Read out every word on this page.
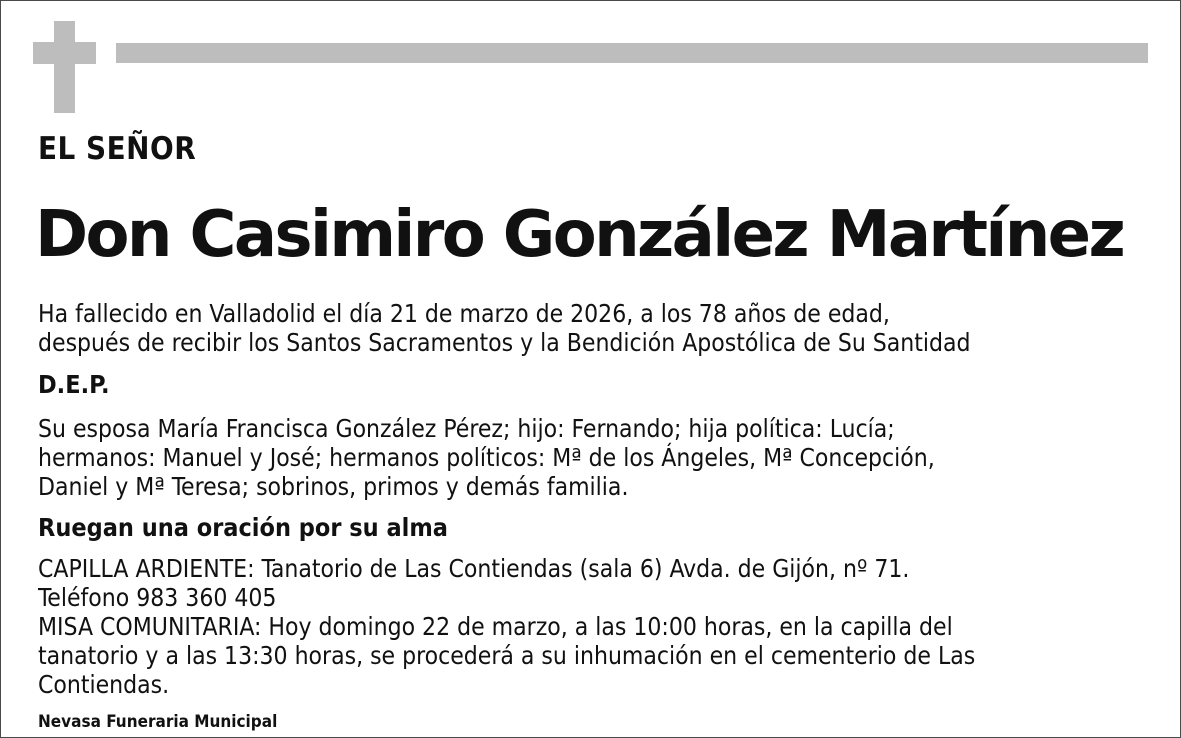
EL SEÑOR
Don Casimiro González Martínez

Ha fallecido en Valladolid el día 21 de marzo de 2026, a los 78 años de edad,
después de recibir los Santos Sacramentos y la Bendición Apostólica de Su Santidad

D.E.P.

Su esposa María Francisca González Pérez; hijo: Fernando; hija política: Lucía;
hermanos: Manuel y José; hermanos políticos: Mª de los Ángeles, Mª Concepción,
Daniel y Mª Teresa; sobrinos, primos y demás familia.

Ruegan una oración por su alma

CAPILLA ARDIENTE: Tanatorio de Las Contiendas (sala 6) Avda. de Gijón, nº 71.
Teléfono 983 360 405
MISA COMUNITARIA: Hoy domingo 22 de marzo, a las 10:00 horas, en la capilla del
tanatorio y a las 13:30 horas, se procederá a su inhumación en el cementerio de Las
Contiendas.

Nevasa Funeraria Municipal
